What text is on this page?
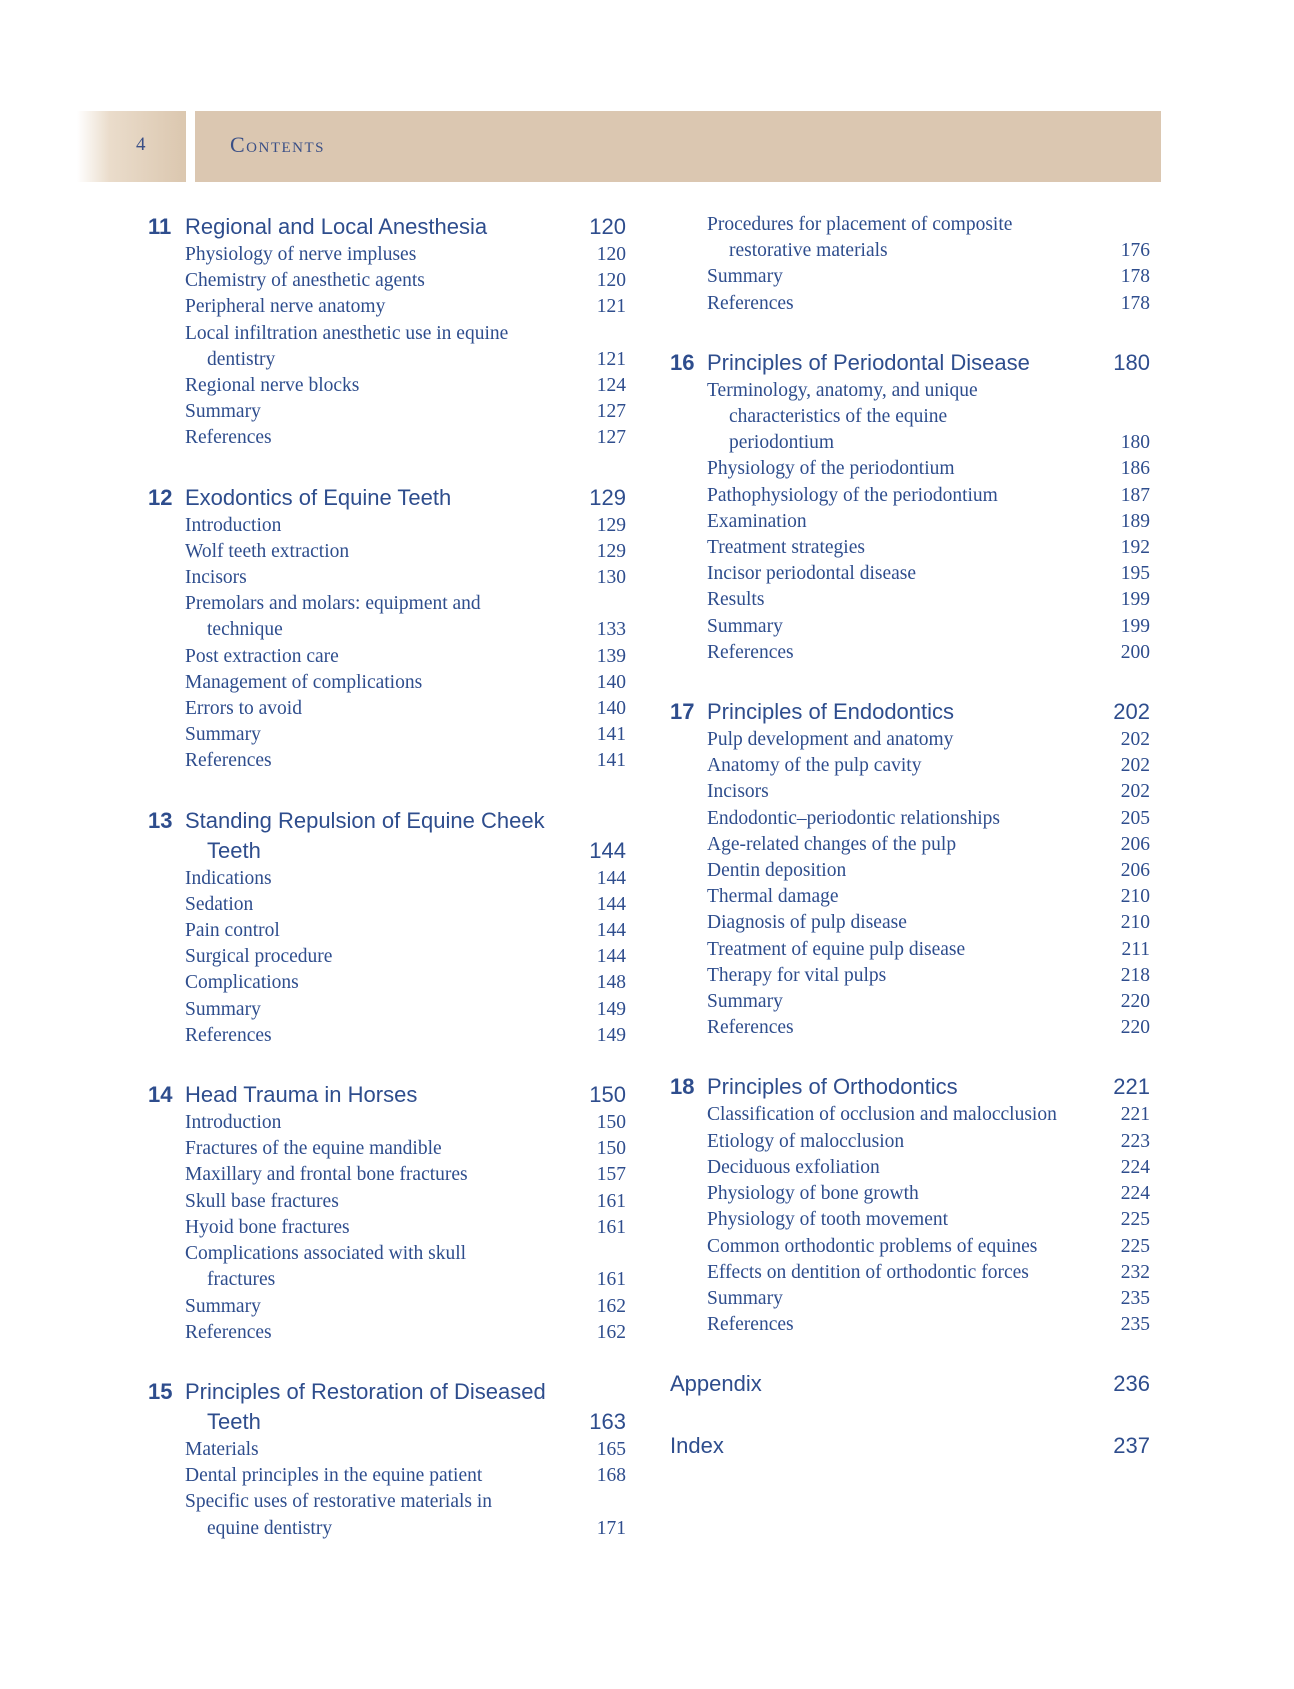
4	Contents
11 Regional and Local Anesthesia	120
Physiology of nerve impluses	120
Chemistry of anesthetic agents	120
Peripheral nerve anatomy	121
Local infiltration anesthetic use in equine

dentistry	121
Regional nerve blocks	124
Summary	127
References	127
12 Exodontics of Equine Teeth	129
Introduction	129
Wolf teeth extraction	129
Incisors	130
Premolars and molars: equipment and

technique	133
Post extraction care	139
Management of complications	140
Errors to avoid	140
Summary	141
References	141
13 Standing Repulsion of Equine Cheek
Teeth	144
Indications	144
Sedation	144
Pain control	144
Surgical procedure	144
Complications	148
Summary	149
References	149
14 Head Trauma in Horses	150
Introduction	150
Fractures of the equine mandible	150
Maxillary and frontal bone fractures	157
Skull base fractures	161
Hyoid bone fractures	161
Complications associated with skull

fractures	161
Summary	162
References	162
15 Principles of Restoration of Diseased
Teeth	163
Materials	165
Dental principles in the equine patient	168
Specific uses of restorative materials in

equine dentistry	171
Procedures for placement of composite

restorative materials	176
Summary	178
References	178
16 Principles of Periodontal Disease	180
Terminology, anatomy, and unique

characteristics of the equine
periodontium	180
Physiology of the periodontium	186
Pathophysiology of the periodontium	187
Examination	189
Treatment strategies	192
Incisor periodontal disease	195
Results	199
Summary	199
References	200
17 Principles of Endodontics	202
Pulp development and anatomy	202
Anatomy of the pulp cavity	202
Incisors	202
Endodontic–periodontic relationships	205
Age-related changes of the pulp	206
Dentin deposition	206
Thermal damage	210
Diagnosis of pulp disease	210
Treatment of equine pulp disease	211
Therapy for vital pulps	218
Summary	220
References	220
18 Principles of Orthodontics	221
Classification of occlusion and malocclusion	221
Etiology of malocclusion	223
Deciduous exfoliation	224
Physiology of bone growth	224
Physiology of tooth movement	225
Common orthodontic problems of equines	225
Effects on dentition of orthodontic forces	232
Summary	235
References	235
Appendix	236
Index	237
